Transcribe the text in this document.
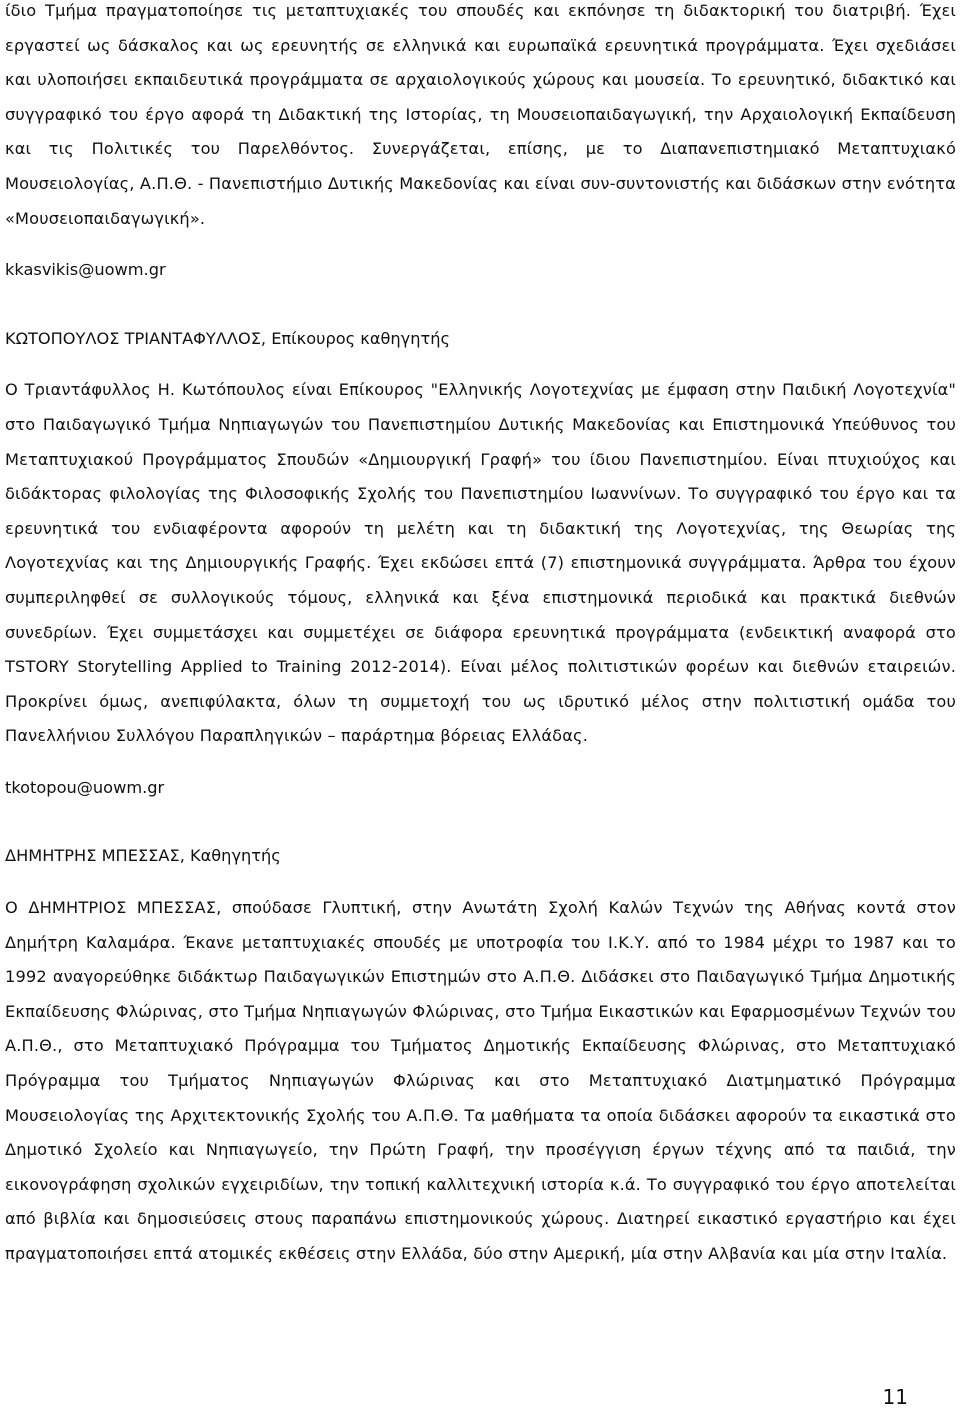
ίδιο Τμήμα πραγματοποίησε τις μεταπτυχιακές του σπουδές και εκπόνησε τη διδακτορική του διατριβή. Έχει εργαστεί ως δάσκαλος και ως ερευνητής σε ελληνικά και ευρωπαϊκά ερευνητικά προγράμματα. Έχει σχεδιάσει και υλοποιήσει εκπαιδευτικά προγράμματα σε αρχαιολογικούς χώρους και μουσεία. Το ερευνητικό, διδακτικό και συγγραφικό του έργο αφορά τη Διδακτική της Ιστορίας, τη Μουσειοπαιδαγωγική, την Αρχαιολογική Εκπαίδευση και τις Πολιτικές του Παρελθόντος. Συνεργάζεται, επίσης, με το Διαπανεπιστημιακό Μεταπτυχιακό Μουσειολογίας, Α.Π.Θ. - Πανεπιστήμιο Δυτικής Μακεδονίας και είναι συν-συντονιστής και διδάσκων στην ενότητα «Μουσειοπαιδαγωγική».

kkasvikis@uowm.gr

ΚΩΤΟΠΟΥΛΟΣ ΤΡΙΑΝΤΑΦΥΛΛΟΣ, Επίκουρος καθηγητής

Ο Τριαντάφυλλος Η. Κωτόπουλος είναι Επίκουρος "Ελληνικής Λογοτεχνίας με έμφαση στην Παιδική Λογοτεχνία" στο Παιδαγωγικό Τμήμα Νηπιαγωγών του Πανεπιστημίου Δυτικής Μακεδονίας και Επιστημονικά Υπεύθυνος του Μεταπτυχιακού Προγράμματος Σπουδών «Δημιουργική Γραφή» του ίδιου Πανεπιστημίου. Είναι πτυχιούχος και διδάκτορας φιλολογίας της Φιλοσοφικής Σχολής του Πανεπιστημίου Ιωαννίνων. Το συγγραφικό του έργο και τα ερευνητικά του ενδιαφέροντα αφορούν τη μελέτη και τη διδακτική της Λογοτεχνίας, της Θεωρίας της Λογοτεχνίας και της Δημιουργικής Γραφής. Έχει εκδώσει επτά (7) επιστημονικά συγγράμματα. Άρθρα του έχουν συμπεριληφθεί σε συλλογικούς τόμους, ελληνικά και ξένα επιστημονικά περιοδικά και πρακτικά διεθνών συνεδρίων. Έχει συμμετάσχει και συμμετέχει σε διάφορα ερευνητικά προγράμματα (ενδεικτική αναφορά στο TSTORY Storytelling Applied to Training 2012-2014). Είναι μέλος πολιτιστικών φορέων και διεθνών εταιρειών. Προκρίνει όμως, ανεπιφύλακτα, όλων τη συμμετοχή του ως ιδρυτικό μέλος στην πολιτιστική ομάδα του Πανελλήνιου Συλλόγου Παραπληγικών – παράρτημα βόρειας Ελλάδας.

tkotopou@uowm.gr

ΔΗΜΗΤΡΗΣ ΜΠΕΣΣΑΣ, Καθηγητής

Ο ΔΗΜΗΤΡΙΟΣ ΜΠΕΣΣΑΣ, σπούδασε Γλυπτική, στην Ανωτάτη Σχολή Καλών Τεχνών της Αθήνας κοντά στον Δημήτρη Καλαμάρα. Έκανε μεταπτυχιακές σπουδές με υποτροφία του Ι.Κ.Υ. από το 1984 μέχρι το 1987 και το 1992 αναγορεύθηκε διδάκτωρ Παιδαγωγικών Επιστημών στο Α.Π.Θ. Διδάσκει στο Παιδαγωγικό Τμήμα Δημοτικής Εκπαίδευσης Φλώρινας, στο Τμήμα Νηπιαγωγών Φλώρινας, στο Τμήμα Εικαστικών και Εφαρμοσμένων Τεχνών του Α.Π.Θ., στο Μεταπτυχιακό Πρόγραμμα του Τμήματος Δημοτικής Εκπαίδευσης Φλώρινας, στο Μεταπτυχιακό Πρόγραμμα του Τμήματος Νηπιαγωγών Φλώρινας και στο Μεταπτυχιακό Διατμηματικό Πρόγραμμα Μουσειολογίας της Αρχιτεκτονικής Σχολής του Α.Π.Θ. Τα μαθήματα τα οποία διδάσκει αφορούν τα εικαστικά στο Δημοτικό Σχολείο και Νηπιαγωγείο, την Πρώτη Γραφή, την προσέγγιση έργων τέχνης από τα παιδιά, την εικονογράφηση σχολικών εγχειριδίων, την τοπική καλλιτεχνική ιστορία κ.ά. Το συγγραφικό του έργο αποτελείται από βιβλία και δημοσιεύσεις στους παραπάνω επιστημονικούς χώρους. Διατηρεί εικαστικό εργαστήριο και έχει πραγματοποιήσει επτά ατομικές εκθέσεις στην Ελλάδα, δύο στην Αμερική, μία στην Αλβανία και μία στην Ιταλία.

11
